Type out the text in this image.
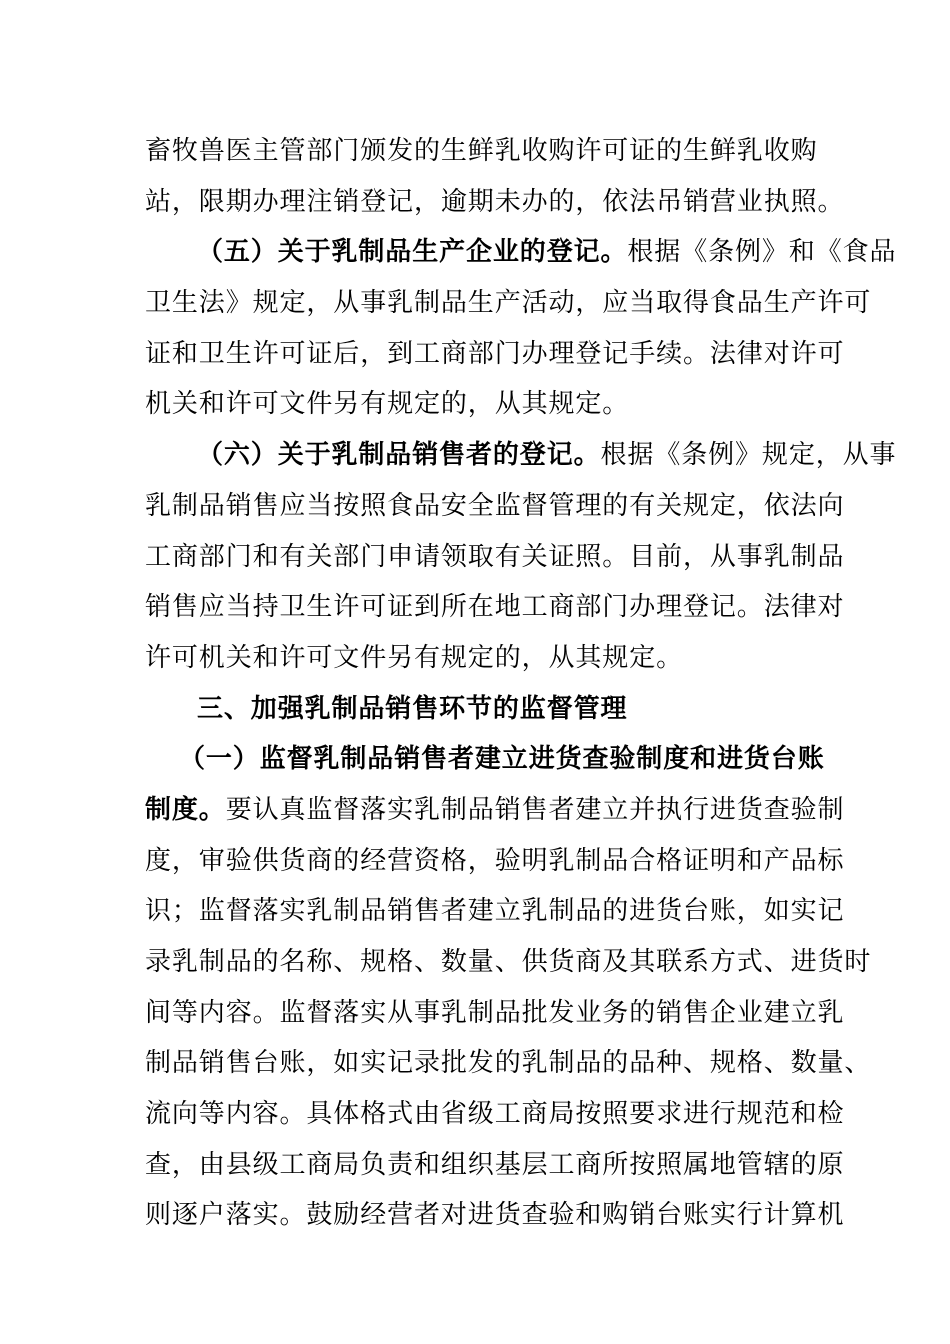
畜牧兽医主管部门颁发的生鲜乳收购许可证的生鲜乳收购
站，限期办理注销登记，逾期未办的，依法吊销营业执照。
（五）关于乳制品生产企业的登记。根据《条例》和《食品
卫生法》规定，从事乳制品生产活动，应当取得食品生产许可
证和卫生许可证后，到工商部门办理登记手续。法律对许可
机关和许可文件另有规定的，从其规定。
（六）关于乳制品销售者的登记。根据《条例》规定，从事
乳制品销售应当按照食品安全监督管理的有关规定，依法向
工商部门和有关部门申请领取有关证照。目前，从事乳制品
销售应当持卫生许可证到所在地工商部门办理登记。法律对
许可机关和许可文件另有规定的，从其规定。
三、加强乳制品销售环节的监督管理
（一）监督乳制品销售者建立进货查验制度和进货台账
制度。要认真监督落实乳制品销售者建立并执行进货查验制
度，审验供货商的经营资格，验明乳制品合格证明和产品标
识；监督落实乳制品销售者建立乳制品的进货台账，如实记
录乳制品的名称、规格、数量、供货商及其联系方式、进货时
间等内容。监督落实从事乳制品批发业务的销售企业建立乳
制品销售台账，如实记录批发的乳制品的品种、规格、数量、
流向等内容。具体格式由省级工商局按照要求进行规范和检
查，由县级工商局负责和组织基层工商所按照属地管辖的原
则逐户落实。鼓励经营者对进货查验和购销台账实行计算机
